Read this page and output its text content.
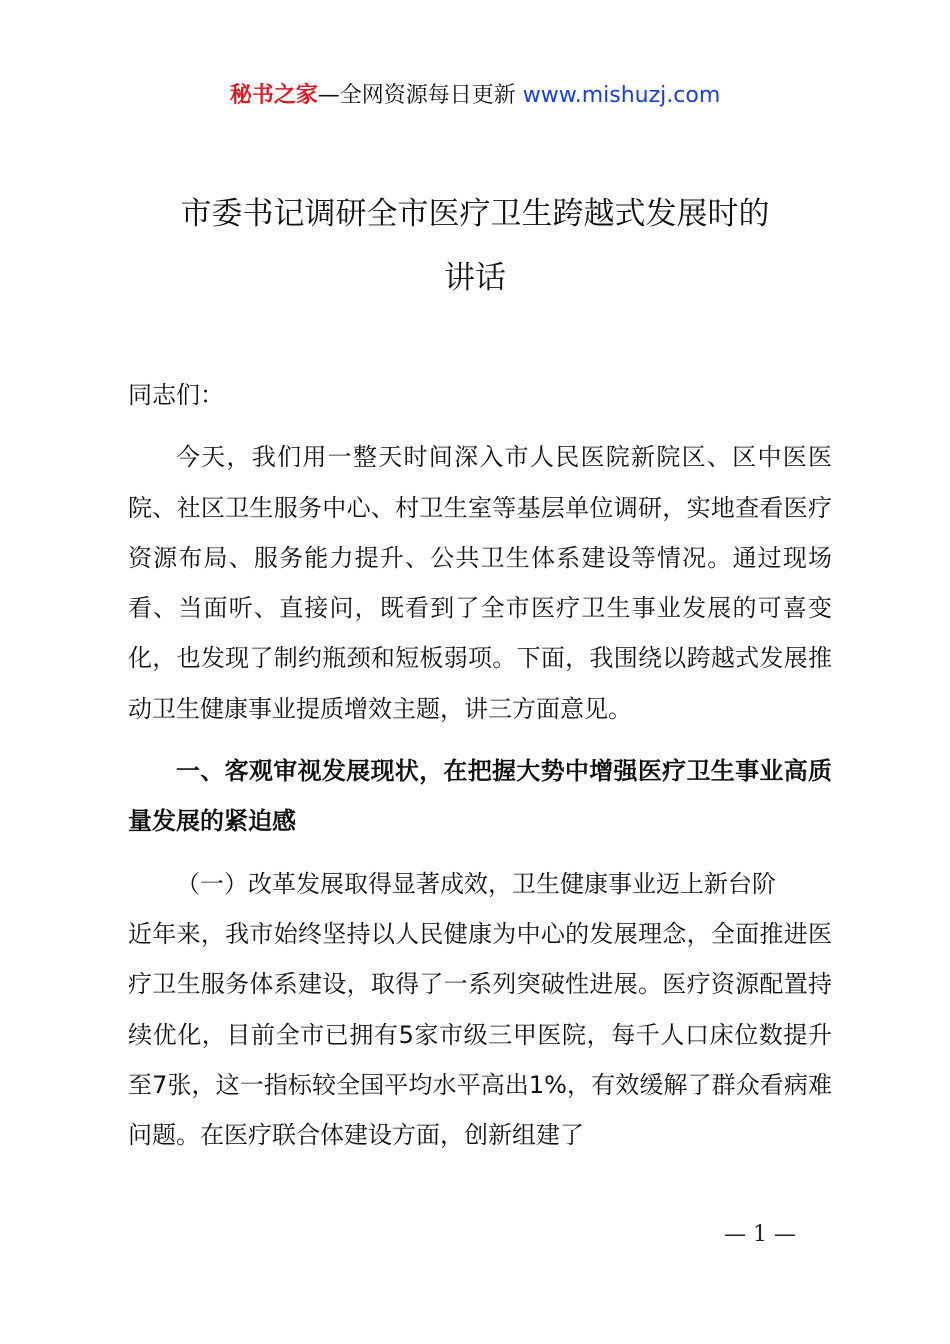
秘书之家—全网资源每日更新 www.mishuzj.com
市委书记调研全市医疗卫生跨越式发展时的
讲话

同志们：

今天，我们用一整天时间深入市人民医院新院区、区中医医院、社区卫生服务中心、村卫生室等基层单位调研，实地查看医疗资源布局、服务能力提升、公共卫生体系建设等情况。通过现场看、当面听、直接问，既看到了全市医疗卫生事业发展的可喜变化，也发现了制约瓶颈和短板弱项。下面，我围绕以跨越式发展推动卫生健康事业提质增效主题，讲三方面意见。

一、客观审视发展现状，在把握大势中增强医疗卫生事业高质量发展的紧迫感

（一）改革发展取得显著成效，卫生健康事业迈上新台阶

近年来，我市始终坚持以人民健康为中心的发展理念，全面推进医疗卫生服务体系建设，取得了一系列突破性进展。医疗资源配置持续优化，目前全市已拥有5家市级三甲医院，每千人口床位数提升至7张，这一指标较全国平均水平高出1%，有效缓解了群众看病难问题。在医疗联合体建设方面，创新组建了

— 1 —
